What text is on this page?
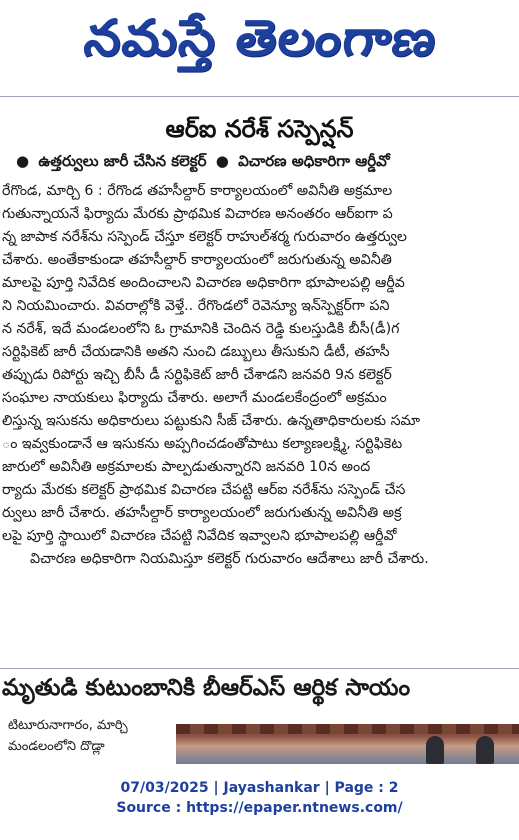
నమస్తే తెలంగాణ
ఆర్ఐ నరేశ్ సస్పెన్షన్
● ఉత్తర్వులు జారీ చేసిన కలెక్టర్ ● విచారణ అధికారిగా ఆర్డీవో
రేగొండ, మార్చి 6 : రేగొండ తహసీల్దార్ కార్యాలయంలో అవినీతి అక్రమాల
గుతున్నాయనే ఫిర్యాదు మేరకు ప్రాథమిక విచారణ అనంతరం ఆర్ఐగా ప
న్న జాపాక నరేశ్‌ను సస్పెండ్ చేస్తూ కలెక్టర్ రాహుల్‌శర్మ గురువారం ఉత్తర్వుల
చేశారు. అంతేకాకుండా తహసీల్దార్ కార్యాలయంలో జరుగుతున్న అవినీతి
మాలపై పూర్తి నివేదిక అందించాలని విచారణ అధికారిగా భూపాలపల్లి ఆర్డీవ
ని నియమించారు. వివరాల్లోకి వెళ్తే.. రేగొండలో రెవెన్యూ ఇన్‌స్పెక్టర్‌గా పని
న నరేశ్, ఇదే మండలంలోని ఓ గ్రామానికి చెందిన రెడ్డి కులస్తుడికి బీసీ(డీ)గ
సర్టిఫికెట్ జారీ చేయడానికి అతని నుంచి డబ్బులు తీసుకుని డీటీ, తహసీ
తప్పుడు రిపోర్టు ఇచ్చి బీసీ డీ సర్టిఫికెట్ జారీ చేశాడని జనవరి 9న కలెక్టర్
సంఘాల నాయకులు ఫిర్యాదు చేశారు. అలాగే మండలకేంద్రంలో అక్రమం
లిస్తున్న ఇసుకను అధికారులు పట్టుకుని సీజ్ చేశారు. ఉన్నతాధికారులకు సమా
ం ఇవ్వకుండానే ఆ ఇసుకను అప్పగించడంతోపాటు కల్యాణలక్ష్మి, సర్టిఫికెట
జారులో అవినీతి అక్రమాలకు పాల్పడుతున్నారని జనవరి 10న అంద
ర్యాదు మేరకు కలెక్టర్ ప్రాథమిక విచారణ చేపట్టి ఆర్ఐ నరేశ్‌ను సస్పెండ్ చేస
ర్వులు జారీ చేశారు. తహసీల్దార్ కార్యాలయంలో జరుగుతున్న అవినీతి అక్ర
లపై పూర్తి స్థాయిలో విచారణ చేపట్టి నివేదిక ఇవ్వాలని భూపాలపల్లి ఆర్డీవో
విచారణ అధికారిగా నియమిస్తూ కలెక్టర్ గురువారం ఆదేశాలు జారీ చేశారు.
మృతుడి కుటుంబానికి బీఆర్ఎస్ ఆర్థిక సాయం
టిటూరునాగారం, మార్చి
మండలంలోని దొడ్లా
07/03/2025 | Jayashankar | Page : 2
Source : https://epaper.ntnews.com/
